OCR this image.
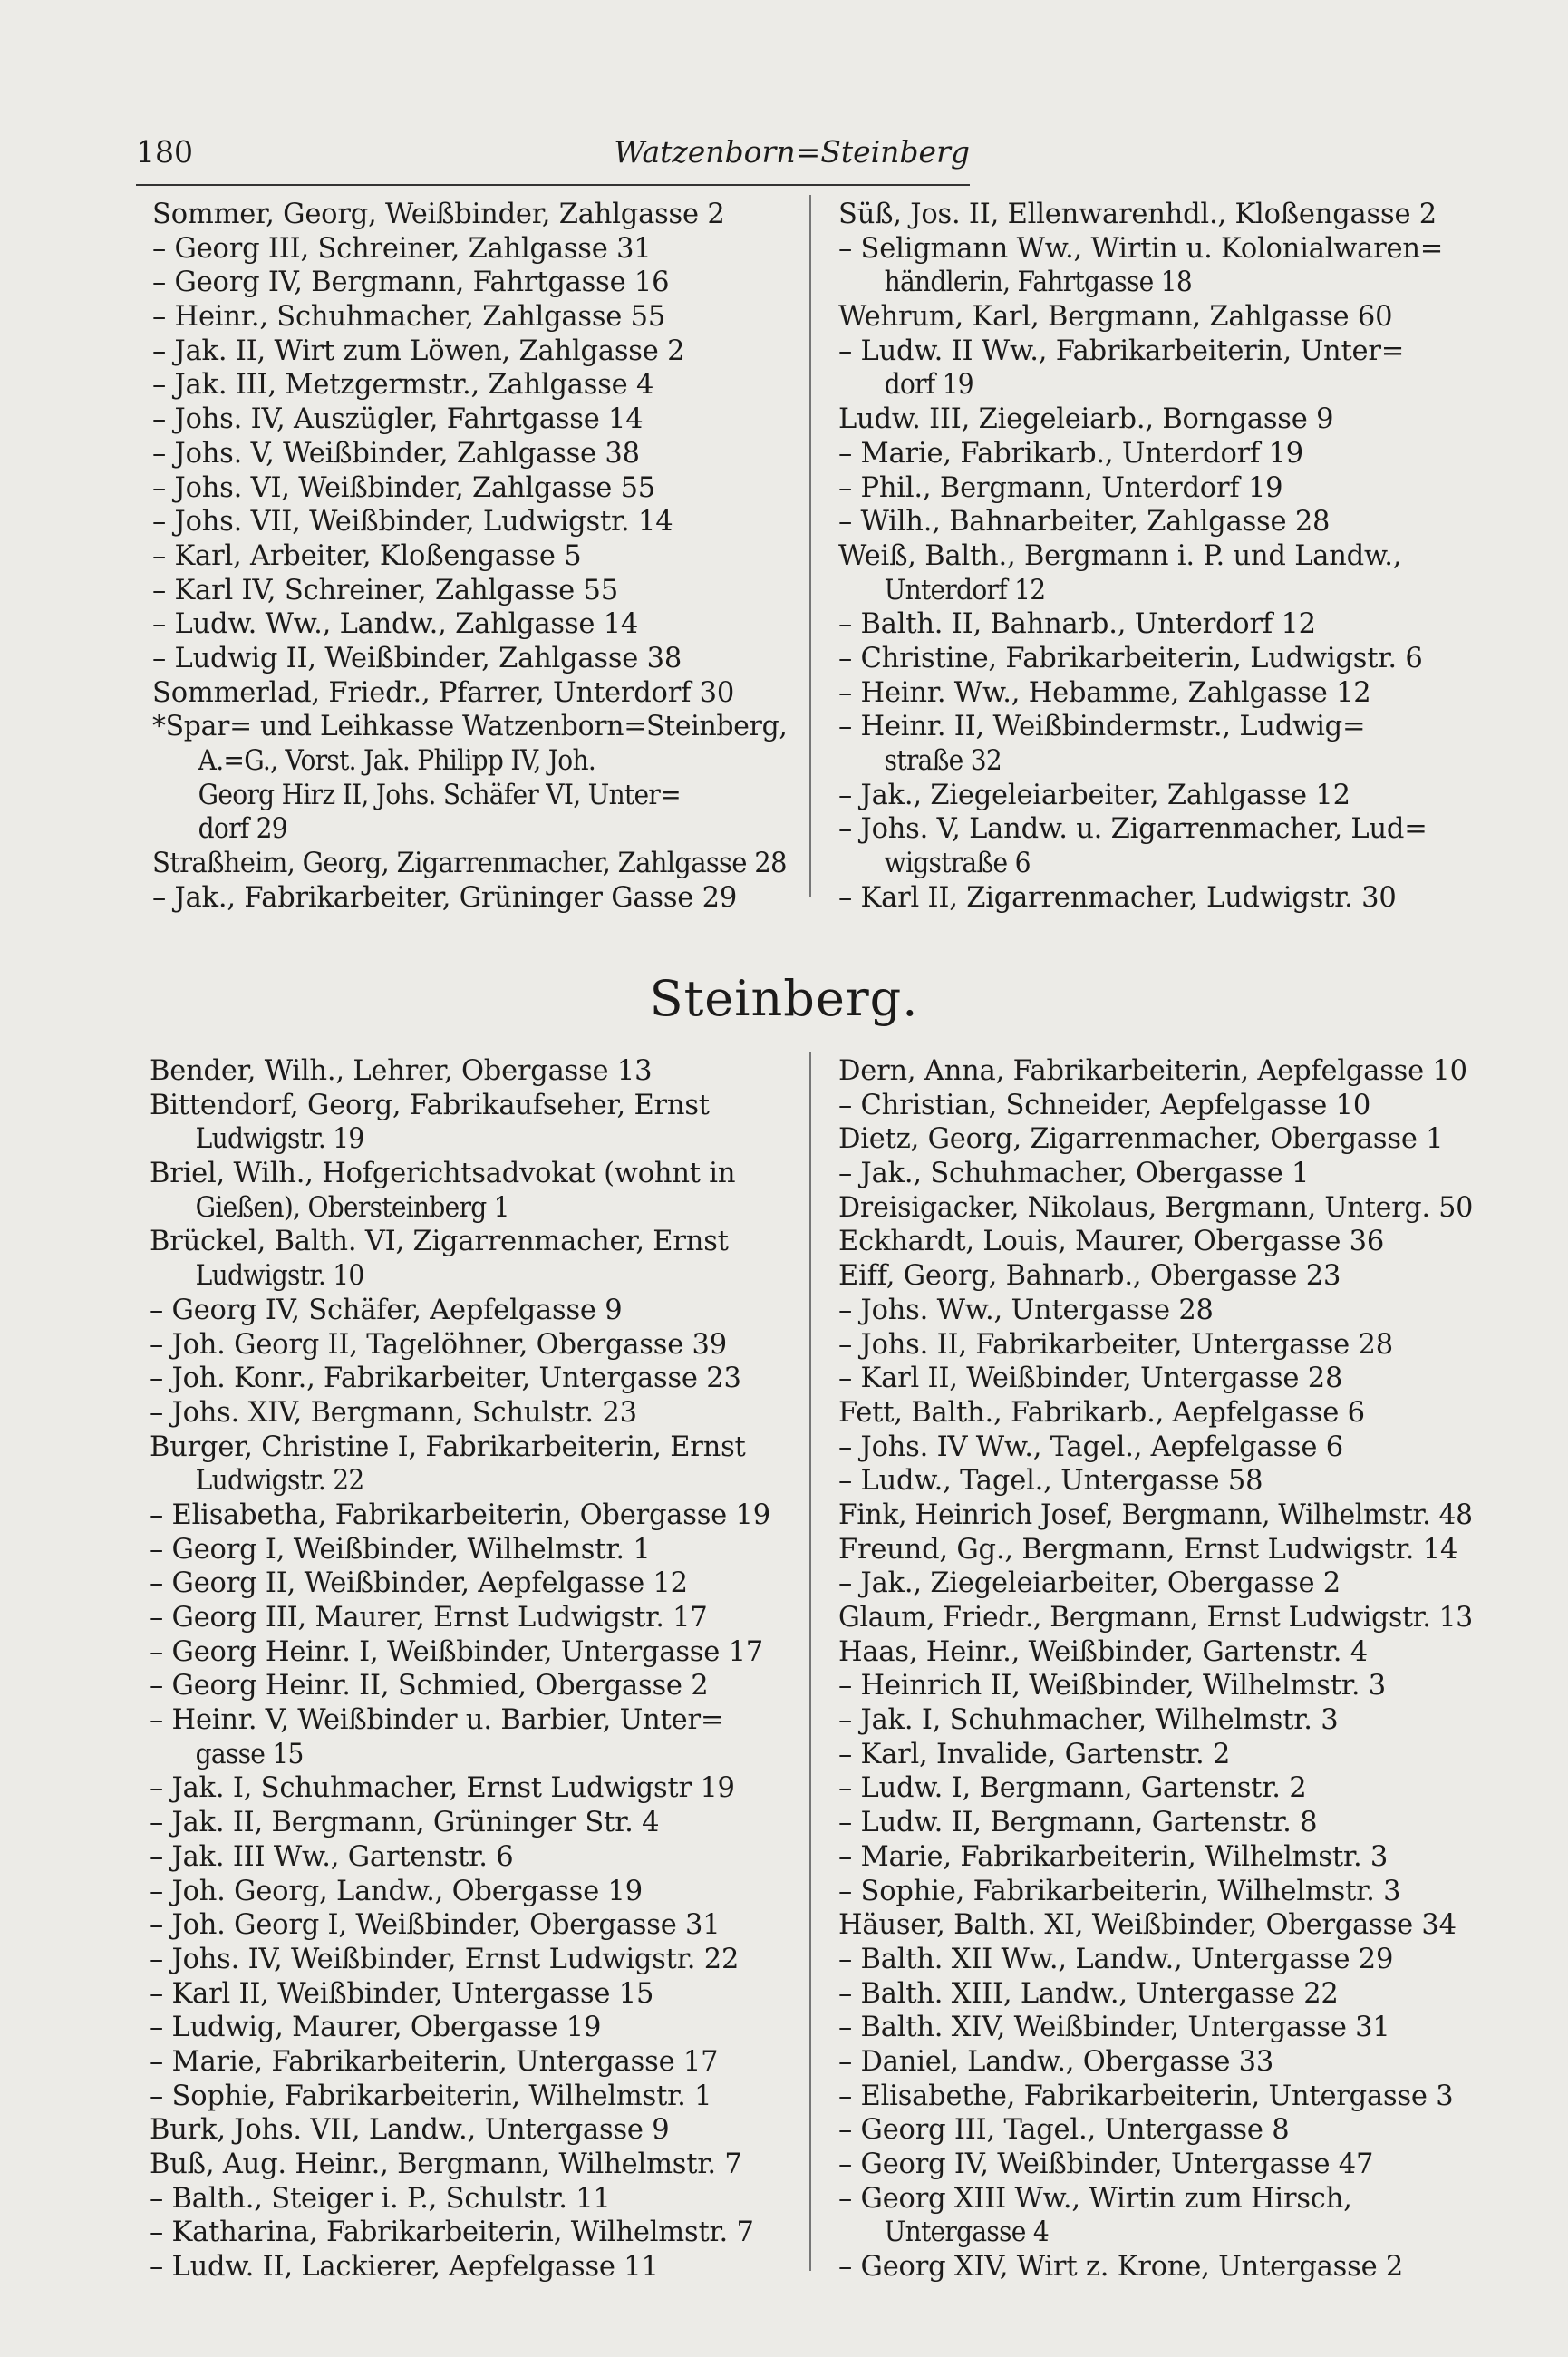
180	Watzenborn=Steinberg
Sommer, Georg, Weißbinder, Zahlgasse 2
– Georg III, Schreiner, Zahlgasse 31
– Georg IV, Bergmann, Fahrtgasse 16
– Heinr., Schuhmacher, Zahlgasse 55
– Jak. II, Wirt zum Löwen, Zahlgasse 2
– Jak. III, Metzgermstr., Zahlgasse 4
– Johs. IV, Auszügler, Fahrtgasse 14
– Johs. V, Weißbinder, Zahlgasse 38
– Johs. VI, Weißbinder, Zahlgasse 55
– Johs. VII, Weißbinder, Ludwigstr. 14
– Karl, Arbeiter, Kloßengasse 5
– Karl IV, Schreiner, Zahlgasse 55
– Ludw. Ww., Landw., Zahlgasse 14
– Ludwig II, Weißbinder, Zahlgasse 38
Sommerlad, Friedr., Pfarrer, Unterdorf 30
*Spar= und Leihkasse Watzenborn=Steinberg,
A.=G., Vorst. Jak. Philipp IV, Joh.
Georg Hirz II, Johs. Schäfer VI, Unter=
dorf 29
Straßheim, Georg, Zigarrenmacher, Zahlgasse 28
– Jak., Fabrikarbeiter, Grüninger Gasse 29
Süß, Jos. II, Ellenwarenhdl., Kloßengasse 2
– Seligmann Ww., Wirtin u. Kolonialwaren=
händlerin, Fahrtgasse 18
Wehrum, Karl, Bergmann, Zahlgasse 60
– Ludw. II Ww., Fabrikarbeiterin, Unter=
dorf 19
Ludw. III, Ziegeleiarb., Borngasse 9
– Marie, Fabrikarb., Unterdorf 19
– Phil., Bergmann, Unterdorf 19
– Wilh., Bahnarbeiter, Zahlgasse 28
Weiß, Balth., Bergmann i. P. und Landw.,
Unterdorf 12
– Balth. II, Bahnarb., Unterdorf 12
– Christine, Fabrikarbeiterin, Ludwigstr. 6
– Heinr. Ww., Hebamme, Zahlgasse 12
– Heinr. II, Weißbindermstr., Ludwig=
straße 32
– Jak., Ziegeleiarbeiter, Zahlgasse 12
– Johs. V, Landw. u. Zigarrenmacher, Lud=
wigstraße 6
– Karl II, Zigarrenmacher, Ludwigstr. 30
Steinberg.
Bender, Wilh., Lehrer, Obergasse 13
Bittendorf, Georg, Fabrikaufseher, Ernst
Ludwigstr. 19
Briel, Wilh., Hofgerichtsadvokat (wohnt in
Gießen), Obersteinberg 1
Brückel, Balth. VI, Zigarrenmacher, Ernst
Ludwigstr. 10
– Georg IV, Schäfer, Aepfelgasse 9
– Joh. Georg II, Tagelöhner, Obergasse 39
– Joh. Konr., Fabrikarbeiter, Untergasse 23
– Johs. XIV, Bergmann, Schulstr. 23
Burger, Christine I, Fabrikarbeiterin, Ernst
Ludwigstr. 22
– Elisabetha, Fabrikarbeiterin, Obergasse 19
– Georg I, Weißbinder, Wilhelmstr. 1
– Georg II, Weißbinder, Aepfelgasse 12
– Georg III, Maurer, Ernst Ludwigstr. 17
– Georg Heinr. I, Weißbinder, Untergasse 17
– Georg Heinr. II, Schmied, Obergasse 2
– Heinr. V, Weißbinder u. Barbier, Unter=
gasse 15
– Jak. I, Schuhmacher, Ernst Ludwigstr 19
– Jak. II, Bergmann, Grüninger Str. 4
– Jak. III Ww., Gartenstr. 6
– Joh. Georg, Landw., Obergasse 19
– Joh. Georg I, Weißbinder, Obergasse 31
– Johs. IV, Weißbinder, Ernst Ludwigstr. 22
– Karl II, Weißbinder, Untergasse 15
– Ludwig, Maurer, Obergasse 19
– Marie, Fabrikarbeiterin, Untergasse 17
– Sophie, Fabrikarbeiterin, Wilhelmstr. 1
Burk, Johs. VII, Landw., Untergasse 9
Buß, Aug. Heinr., Bergmann, Wilhelmstr. 7
– Balth., Steiger i. P., Schulstr. 11
– Katharina, Fabrikarbeiterin, Wilhelmstr. 7
– Ludw. II, Lackierer, Aepfelgasse 11
Dern, Anna, Fabrikarbeiterin, Aepfelgasse 10
– Christian, Schneider, Aepfelgasse 10
Dietz, Georg, Zigarrenmacher, Obergasse 1
– Jak., Schuhmacher, Obergasse 1
Dreisigacker, Nikolaus, Bergmann, Unterg. 50
Eckhardt, Louis, Maurer, Obergasse 36
Eiff, Georg, Bahnarb., Obergasse 23
– Johs. Ww., Untergasse 28
– Johs. II, Fabrikarbeiter, Untergasse 28
– Karl II, Weißbinder, Untergasse 28
Fett, Balth., Fabrikarb., Aepfelgasse 6
– Johs. IV Ww., Tagel., Aepfelgasse 6
– Ludw., Tagel., Untergasse 58
Fink, Heinrich Josef, Bergmann, Wilhelmstr. 48
Freund, Gg., Bergmann, Ernst Ludwigstr. 14
– Jak., Ziegeleiarbeiter, Obergasse 2
Glaum, Friedr., Bergmann, Ernst Ludwigstr. 13
Haas, Heinr., Weißbinder, Gartenstr. 4
– Heinrich II, Weißbinder, Wilhelmstr. 3
– Jak. I, Schuhmacher, Wilhelmstr. 3
– Karl, Invalide, Gartenstr. 2
– Ludw. I, Bergmann, Gartenstr. 2
– Ludw. II, Bergmann, Gartenstr. 8
– Marie, Fabrikarbeiterin, Wilhelmstr. 3
– Sophie, Fabrikarbeiterin, Wilhelmstr. 3
Häuser, Balth. XI, Weißbinder, Obergasse 34
– Balth. XII Ww., Landw., Untergasse 29
– Balth. XIII, Landw., Untergasse 22
– Balth. XIV, Weißbinder, Untergasse 31
– Daniel, Landw., Obergasse 33
– Elisabethe, Fabrikarbeiterin, Untergasse 3
– Georg III, Tagel., Untergasse 8
– Georg IV, Weißbinder, Untergasse 47
– Georg XIII Ww., Wirtin zum Hirsch,
Untergasse 4
– Georg XIV, Wirt z. Krone, Untergasse 2
